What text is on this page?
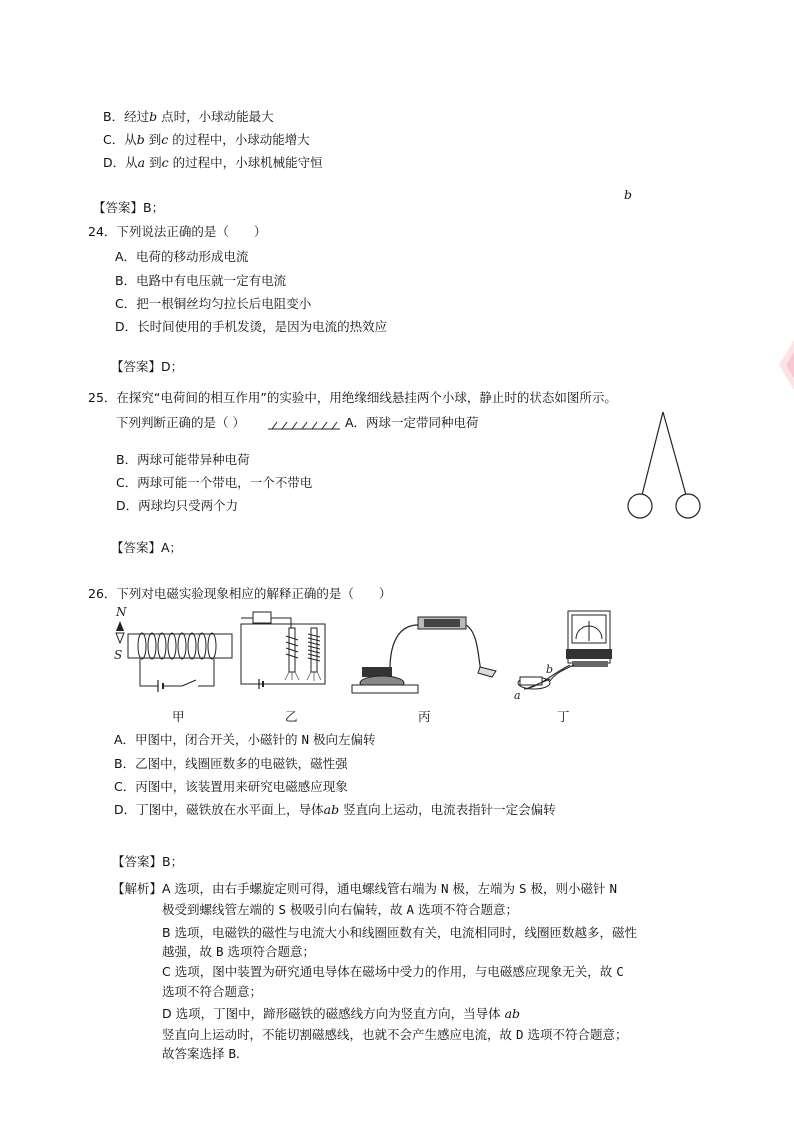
B．经过b 点时，小球动能最大
C．从b 到c 的过程中，小球动能增大
D．从a 到c 的过程中，小球机械能守恒
【答案】B；
b
24．下列说法正确的是（　　）
A．电荷的移动形成电流
B．电路中有电压就一定有电流
C．把一根铜丝均匀拉长后电阻变小
D．长时间使用的手机发烫，是因为电流的热效应
【答案】D；
25．在探究“电荷间的相互作用”的实验中，用绝缘细线悬挂两个小球，静止时的状态如图所示。
下列判断正确的是（ ）	A．两球一定带同种电荷
B．两球可能带异种电荷
C．两球可能一个带电，一个不带电
D．两球均只受两个力
【答案】A；
26．下列对电磁实验现象相应的解释正确的是（　　）
N
S
b
a
甲	乙	丙	丁
A．甲图中，闭合开关，小磁针的 N 极向左偏转
B．乙图中，线圈匝数多的电磁铁，磁性强
C．丙图中，该装置用来研究电磁感应现象
D．丁图中，磁铁放在水平面上，导体ab 竖直向上运动，电流表指针一定会偏转
【答案】B；
【解析】A 选项，由右手螺旋定则可得，通电螺线管右端为 N 极，左端为 S 极，则小磁针 N
极受到螺线管左端的 S 极吸引向右偏转，故 A 选项不符合题意；
B 选项，电磁铁的磁性与电流大小和线圈匝数有关，电流相同时，线圈匝数越多，磁性
越强，故 B 选项符合题意；
C 选项，图中装置为研究通电导体在磁场中受力的作用，与电磁感应现象无关，故 C
选项不符合题意；
D 选项，丁图中，蹄形磁铁的磁感线方向为竖直方向，当导体 ab
竖直向上运动时，不能切割磁感线，也就不会产生感应电流，故 D 选项不符合题意；
故答案选择 B.
